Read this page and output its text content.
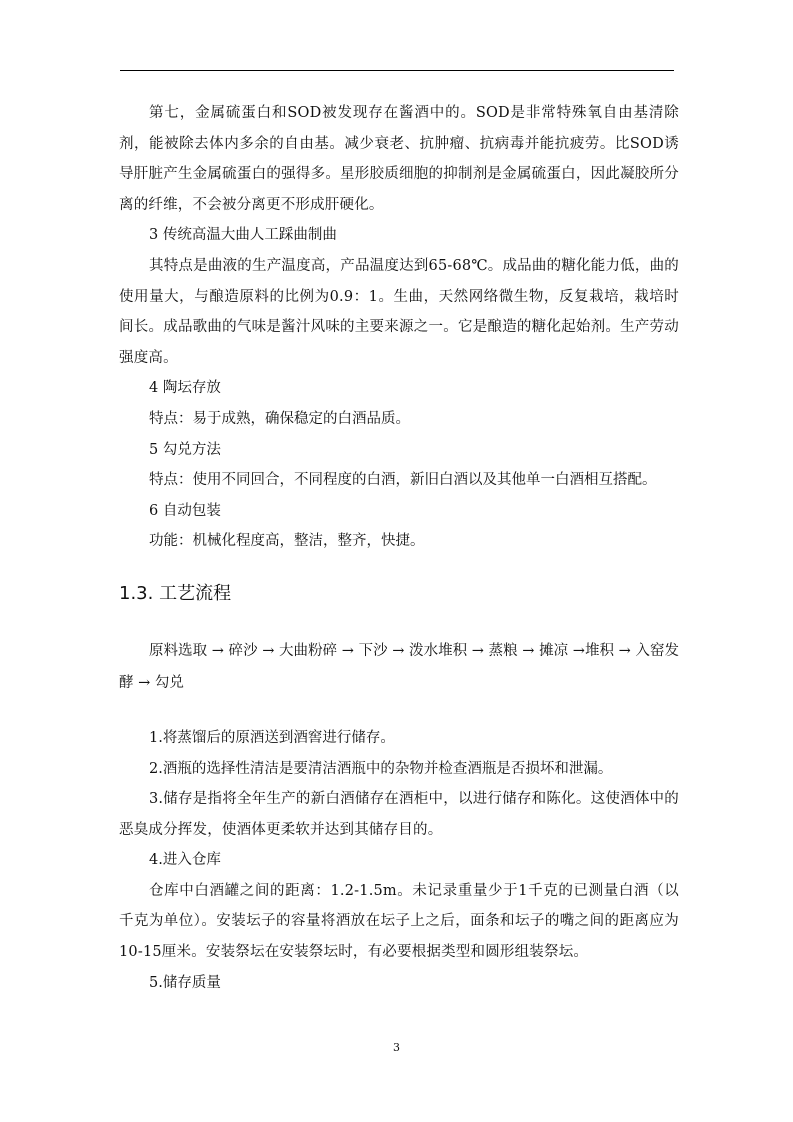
第七，金属硫蛋白和SOD被发现存在酱酒中的。SOD是非常特殊氧自由基清除剂，能被除去体内多余的自由基。减少衰老、抗肿瘤、抗病毒并能抗疲劳。比SOD诱导肝脏产生金属硫蛋白的强得多。星形胶质细胞的抑制剂是金属硫蛋白，因此凝胶所分离的纤维，不会被分离更不形成肝硬化。

3 传统高温大曲人工踩曲制曲

其特点是曲液的生产温度高，产品温度达到65-68℃。成品曲的糖化能力低，曲的使用量大，与酿造原料的比例为0.9：1。生曲，天然网络微生物，反复栽培，栽培时间长。成品歌曲的气味是酱汁风味的主要来源之一。它是酿造的糖化起始剂。生产劳动强度高。

4 陶坛存放

特点：易于成熟，确保稳定的白酒品质。

5 勾兑方法

特点：使用不同回合，不同程度的白酒，新旧白酒以及其他单一白酒相互搭配。

6 自动包装

功能：机械化程度高，整洁，整齐，快捷。

1.3. 工艺流程

原料选取 → 碎沙 → 大曲粉碎 → 下沙 → 泼水堆积 → 蒸粮 → 摊凉 →堆积 → 入窑发酵 → 勾兑

1.将蒸馏后的原酒送到酒窖进行储存。

2.酒瓶的选择性清洁是要清洁酒瓶中的杂物并检查酒瓶是否损坏和泄漏。

3.储存是指将全年生产的新白酒储存在酒柜中，以进行储存和陈化。这使酒体中的恶臭成分挥发，使酒体更柔软并达到其储存目的。

4.进入仓库

仓库中白酒罐之间的距离：1.2-1.5m。未记录重量少于1千克的已测量白酒（以千克为单位）。安装坛子的容量将酒放在坛子上之后，面条和坛子的嘴之间的距离应为10-15厘米。安装祭坛在安装祭坛时，有必要根据类型和圆形组装祭坛。

5.储存质量

3
